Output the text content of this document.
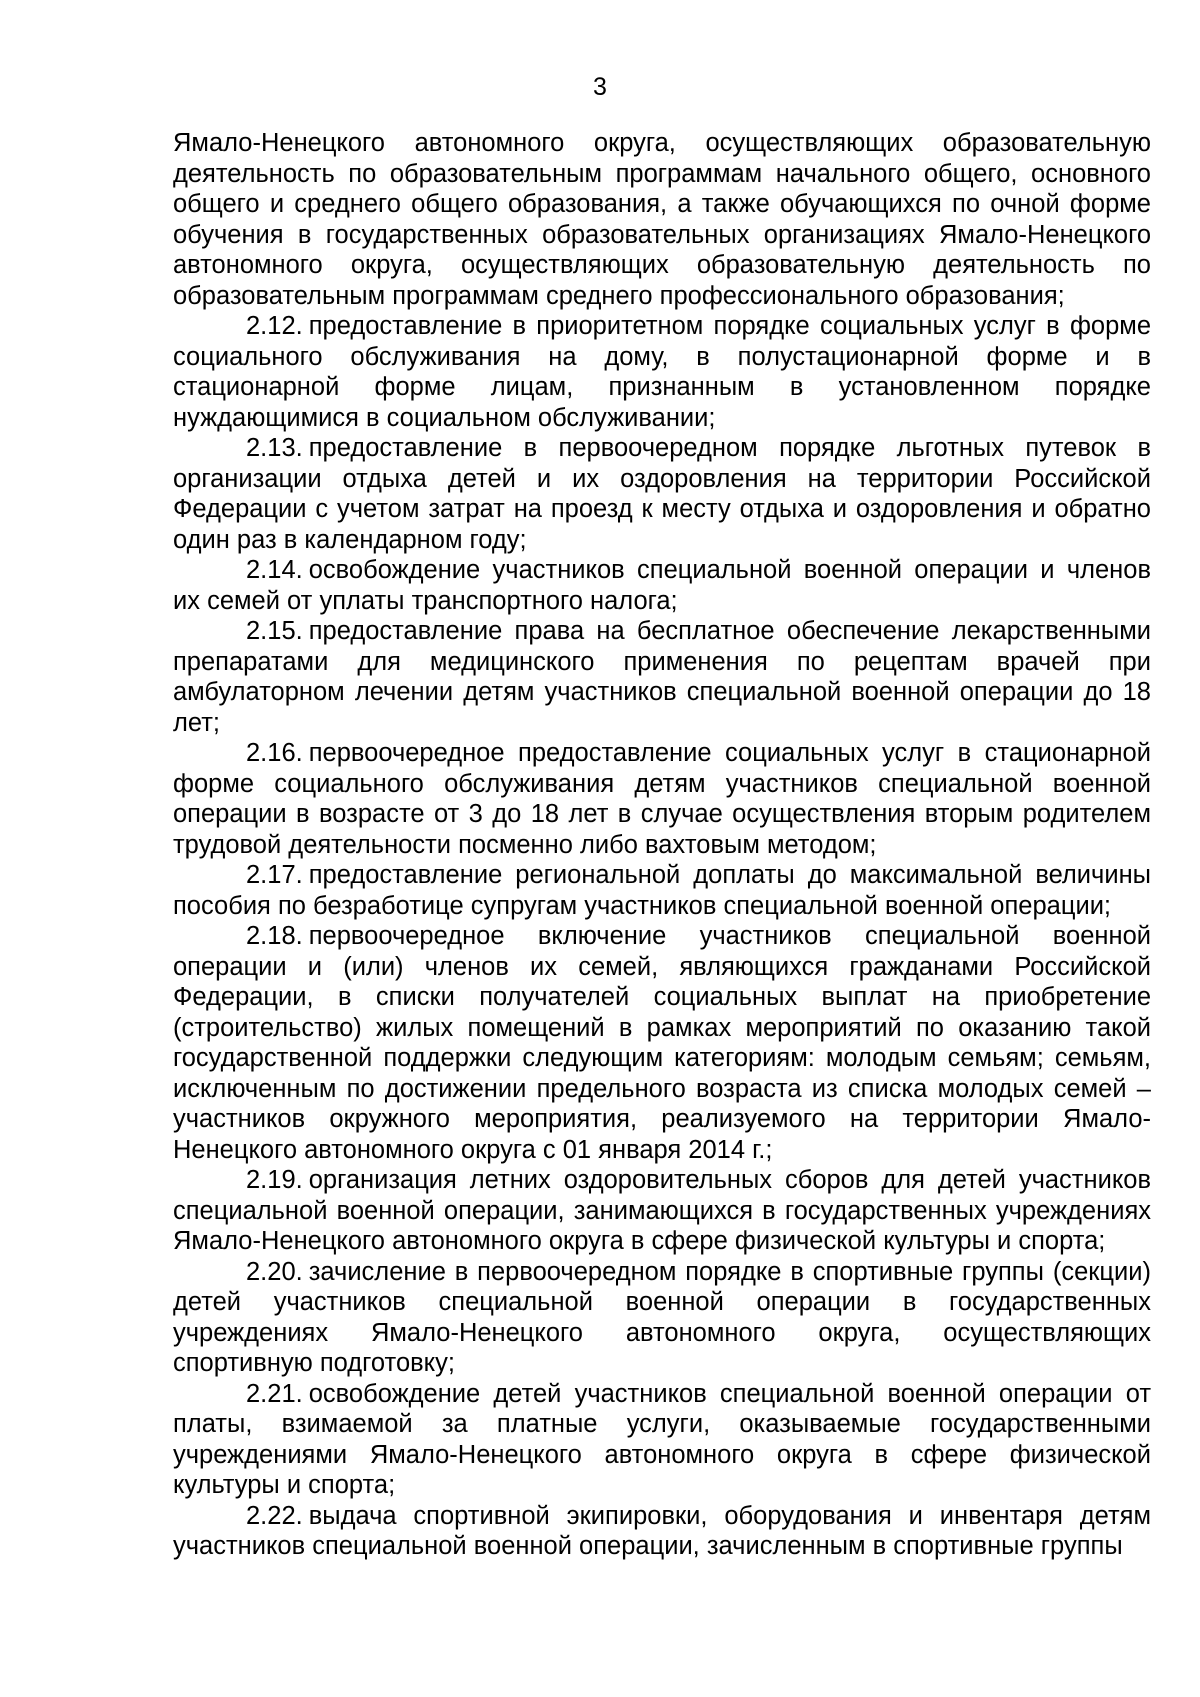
3

Ямало-Ненецкого автономного округа, осуществляющих образовательную деятельность по образовательным программам начального общего, основного общего и среднего общего образования, а также обучающихся по очной форме обучения в государственных образовательных организациях Ямало-Ненецкого автономного округа, осуществляющих образовательную деятельность по образовательным программам среднего профессионального образования;

2.12. предоставление в приоритетном порядке социальных услуг в форме социального обслуживания на дому, в полустационарной форме и в стационарной форме лицам, признанным в установленном порядке нуждающимися в социальном обслуживании;

2.13. предоставление в первоочередном порядке льготных путевок в организации отдыха детей и их оздоровления на территории Российской Федерации с учетом затрат на проезд к месту отдыха и оздоровления и обратно один раз в календарном году;

2.14. освобождение участников специальной военной операции и членов их семей от уплаты транспортного налога;

2.15. предоставление права на бесплатное обеспечение лекарственными препаратами для медицинского применения по рецептам врачей при амбулаторном лечении детям участников специальной военной операции до 18 лет;

2.16. первоочередное предоставление социальных услуг в стационарной форме социального обслуживания детям участников специальной военной операции в возрасте от 3 до 18 лет в случае осуществления вторым родителем трудовой деятельности посменно либо вахтовым методом;

2.17. предоставление региональной доплаты до максимальной величины пособия по безработице супругам участников специальной военной операции;

2.18. первоочередное включение участников специальной военной операции и (или) членов их семей, являющихся гражданами Российской Федерации, в списки получателей социальных выплат на приобретение (строительство) жилых помещений в рамках мероприятий по оказанию такой государственной поддержки следующим категориям: молодым семьям; семьям, исключенным по достижении предельного возраста из списка молодых семей – участников окружного мероприятия, реализуемого на территории Ямало-Ненецкого автономного округа с 01 января 2014 г.;

2.19. организация летних оздоровительных сборов для детей участников специальной военной операции, занимающихся в государственных учреждениях Ямало-Ненецкого автономного округа в сфере физической культуры и спорта;

2.20. зачисление в первоочередном порядке в спортивные группы (секции) детей участников специальной военной операции в государственных учреждениях Ямало-Ненецкого автономного округа, осуществляющих спортивную подготовку;

2.21. освобождение детей участников специальной военной операции от платы, взимаемой за платные услуги, оказываемые государственными учреждениями Ямало-Ненецкого автономного округа в сфере физической культуры и спорта;

2.22. выдача спортивной экипировки, оборудования и инвентаря детям участников специальной военной операции, зачисленным в спортивные группы
